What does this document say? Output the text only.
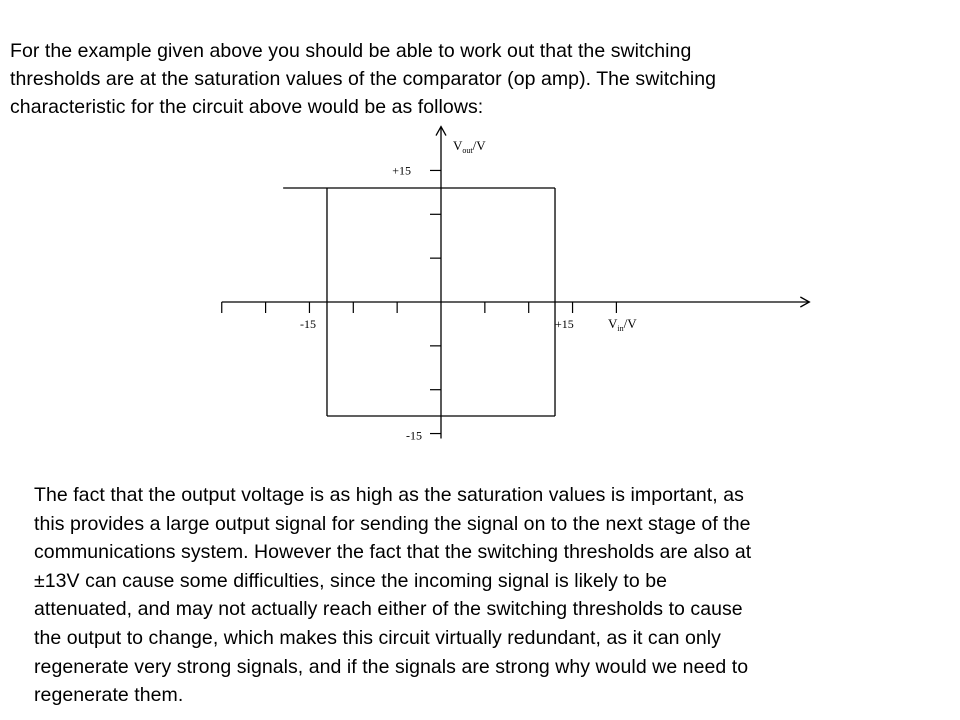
For the example given above you should be able to work out that the switching
thresholds are at the saturation values of the comparator (op amp). The switching
characteristic for the circuit above would be as follows:
+15
-15
-15	+15
$V_{out}/V$
$V_{in}/V$
The fact that the output voltage is as high as the saturation values is important, as
this provides a large output signal for sending the signal on to the next stage of the
communications system. However the fact that the switching thresholds are also at
±13V can cause some difficulties, since the incoming signal is likely to be
attenuated, and may not actually reach either of the switching thresholds to cause
the output to change, which makes this circuit virtually redundant, as it can only
regenerate very strong signals, and if the signals are strong why would we need to
regenerate them.
